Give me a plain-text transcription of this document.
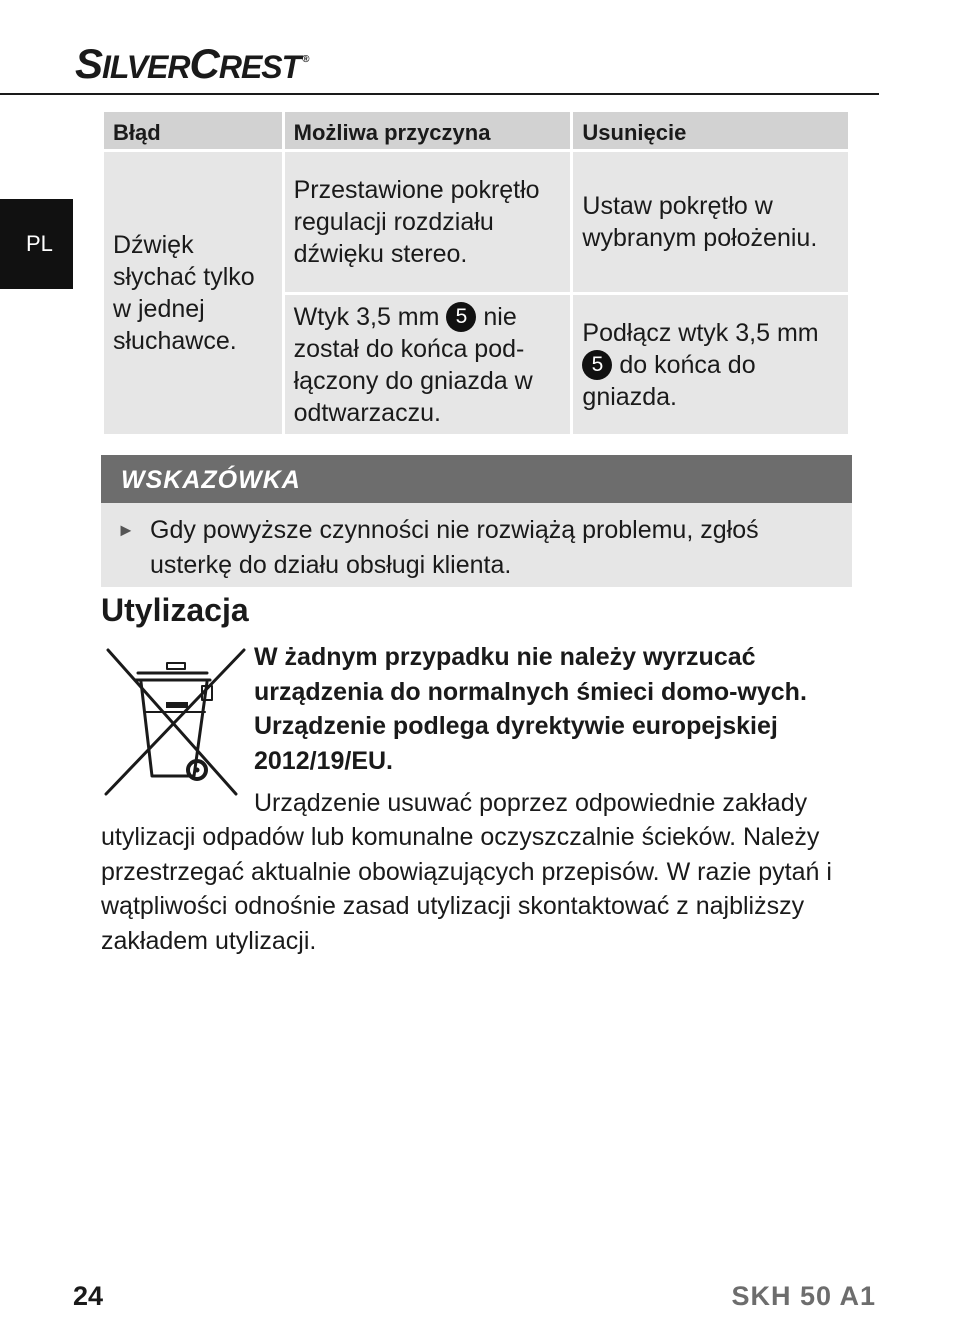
SILVERCREST ®
PL
Błąd	Możliwa przyczyna	Usunięcie
Dźwięk słychać tylko w jednej słuchawce.	Przestawione pokrętło regulacji rozdziału dźwięku stereo.	Ustaw pokrętło w wybranym położeniu.
	Wtyk 3,5 mm 5 nie został do końca pod-łączony do gniazda w odtwarzaczu.	Podłącz wtyk 3,5 mm 5 do końca do gniazda.
WSKAZÓWKA
► Gdy powyższe czynności nie rozwiążą problemu, zgłoś usterkę do działu obsługi klienta.
Utylizacja
W żadnym przypadku nie należy wyrzucać urządzenia do normalnych śmieci domo-wych. Urządzenie podlega dyrektywie europejskiej 2012/19/EU.
Urządzenie usuwać poprzez odpowiednie zakłady
utylizacji odpadów lub komunalne oczyszczalnie ścieków. Należy przestrzegać aktualnie obowiązujących przepisów. W razie pytań i wątpliwości odnośnie zasad utylizacji skontaktować z najbliższy zakładem utylizacji.
24	SKH 50 A1
